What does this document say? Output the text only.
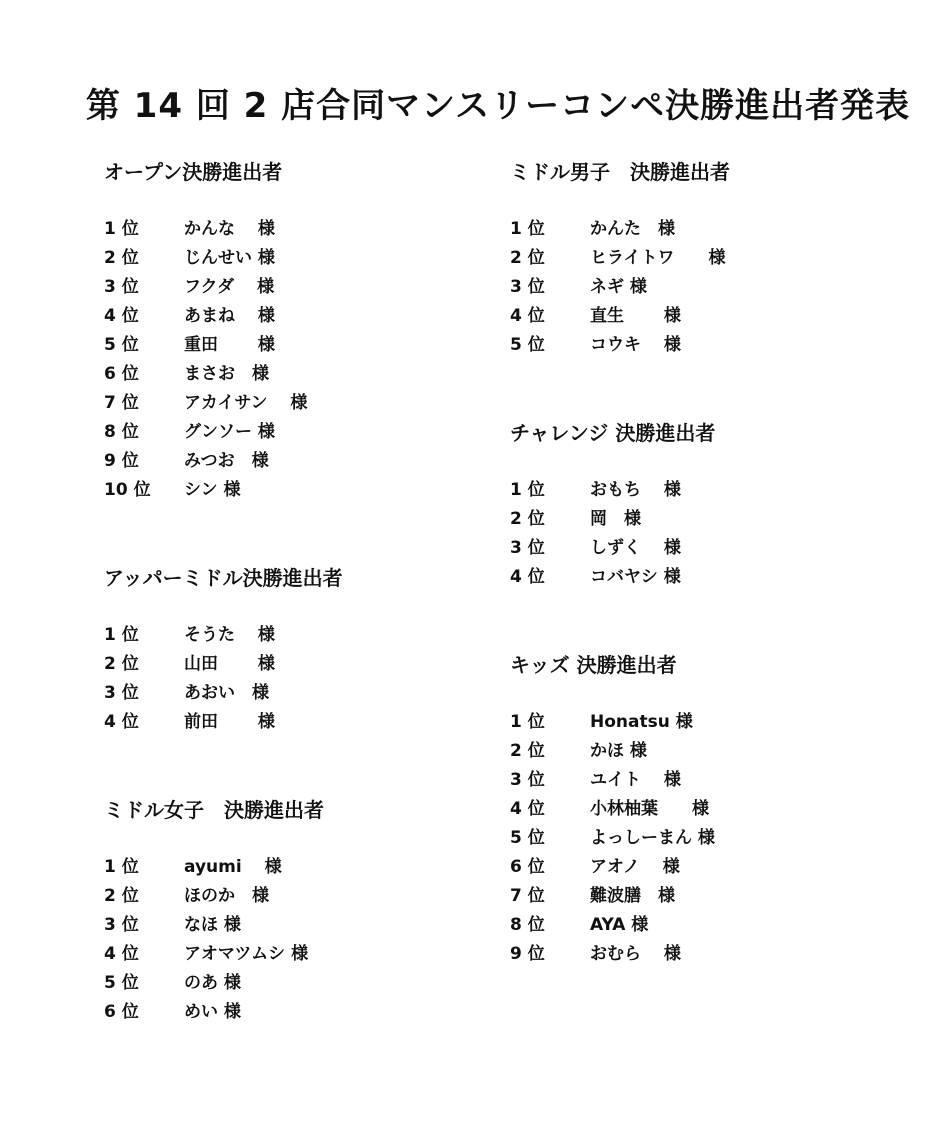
第 14 回 2 店合同マンスリーコンペ決勝進出者発表
オープン決勝進出者
1 位	かんな　 様
2 位	じんせい 様
3 位	フクダ　 様
4 位	あまね　 様
5 位	重田　　 様
6 位	まさお　様
7 位	アカイサン　 様
8 位	グンソー 様
9 位	みつお　様
10 位 シン 様
アッパーミドル決勝進出者
1 位	そうた　 様
2 位	山田　　 様
3 位	あおい　様
4 位	前田　　 様
ミドル女子　決勝進出者
1 位	ayumi　 様
2 位	ほのか　様
3 位	なほ 様
4 位	アオマツムシ 様
5 位	のあ 様
6 位	めい 様
ミドル男子　決勝進出者
1 位	かんた　様
2 位	ヒライトワ　　様
3 位	ネギ 様
4 位	直生　　 様
5 位	コウキ　 様
チャレンジ 決勝進出者
1 位	おもち　 様
2 位	岡　様
3 位	しずく　 様
4 位	コバヤシ 様
キッズ 決勝進出者
1 位	Honatsu 様
2 位	かほ 様
3 位	ユイト　 様
4 位	小林柚葉　　様
5 位	よっしーまん 様
6 位	アオノ　 様
7 位	難波膳　様
8 位	AYA 様
9 位	おむら　 様
